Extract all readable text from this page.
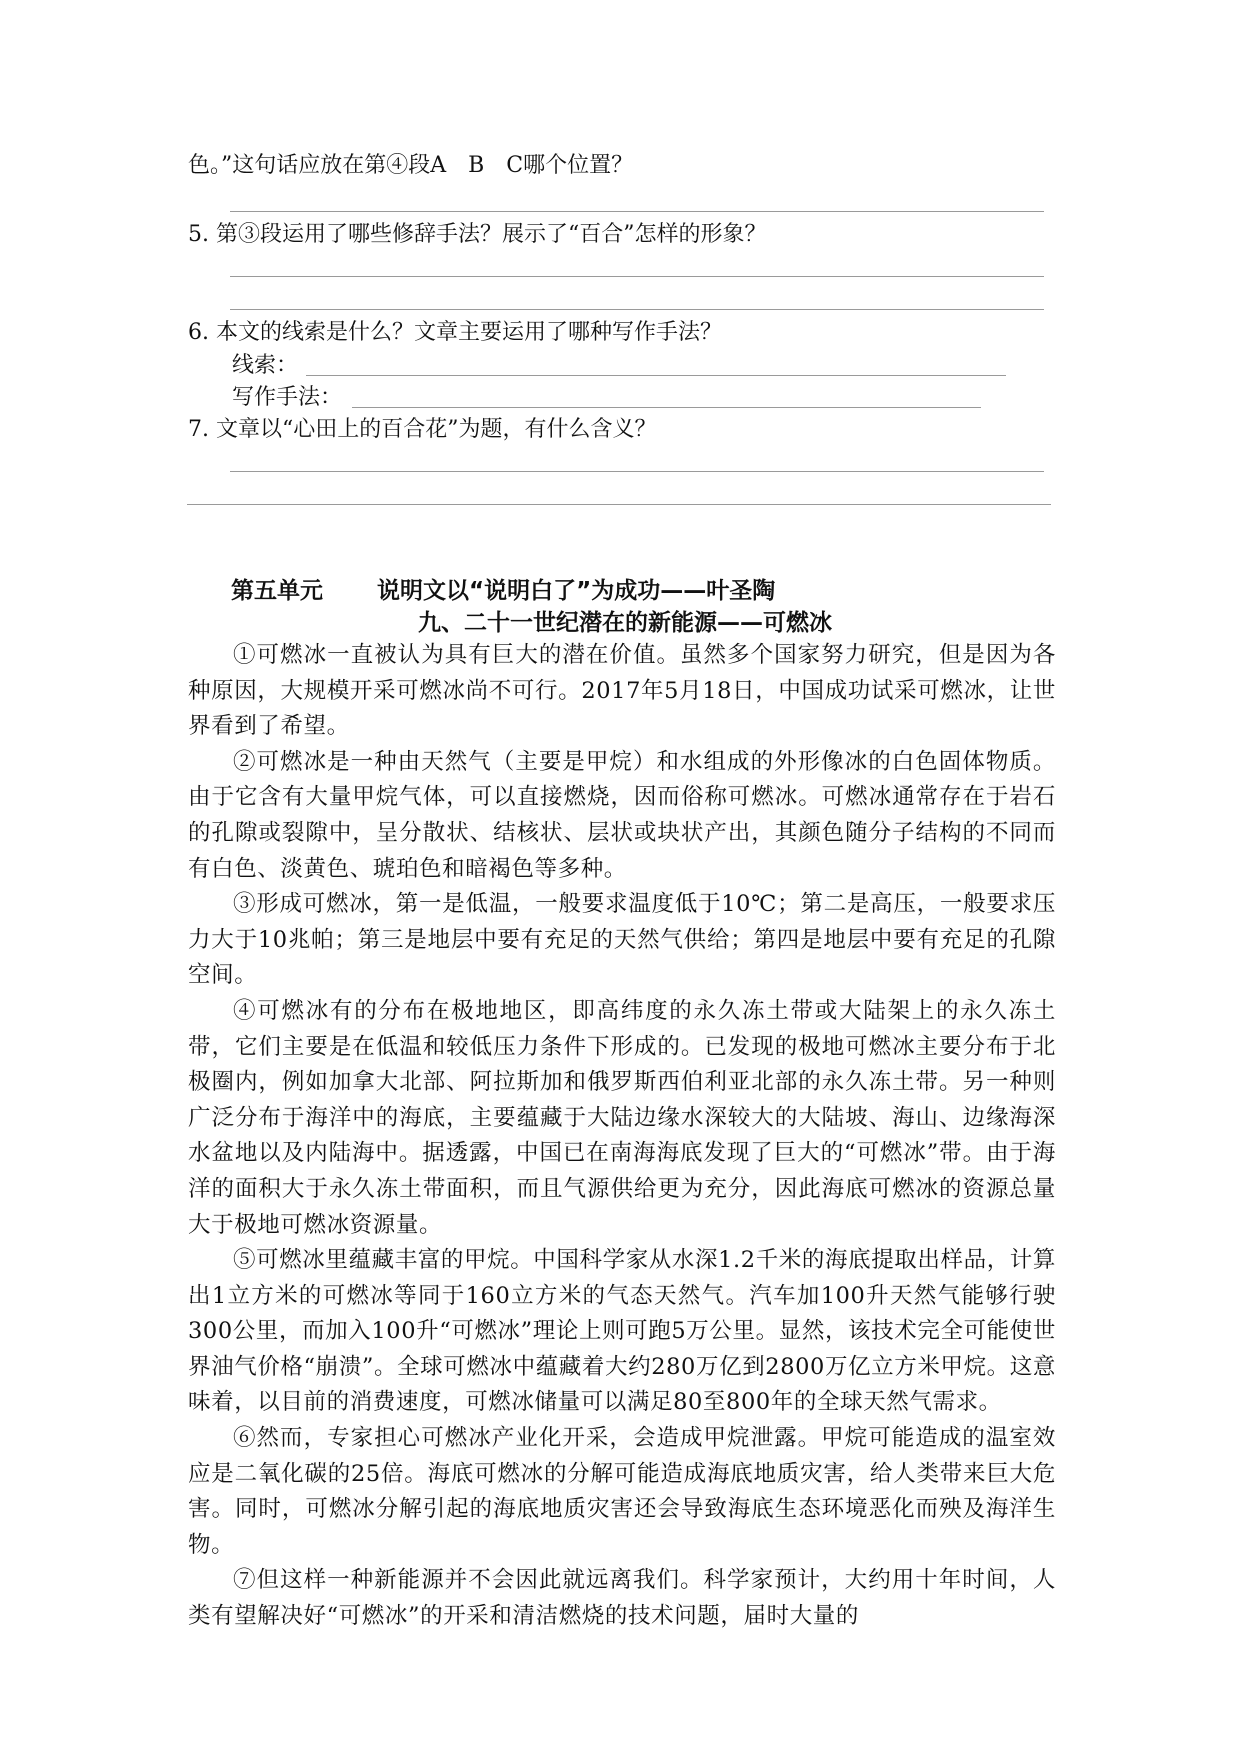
色。”这句话应放在第④段A　B　C哪个位置？
5. 第③段运用了哪些修辞手法？展示了“百合”怎样的形象？
6. 本文的线索是什么？文章主要运用了哪种写作手法？
线索：
写作手法：
7. 文章以“心田上的百合花”为题，有什么含义？
第五单元 说明文以“说明白了”为成功——叶圣陶
九、二十一世纪潜在的新能源——可燃冰

①可燃冰一直被认为具有巨大的潜在价值。虽然多个国家努力研究，但是因为各种原因，大规模开采可燃冰尚不可行。2017年5月18日，中国成功试采可燃冰，让世界看到了希望。

②可燃冰是一种由天然气（主要是甲烷）和水组成的外形像冰的白色固体物质。由于它含有大量甲烷气体，可以直接燃烧，因而俗称可燃冰。可燃冰通常存在于岩石的孔隙或裂隙中，呈分散状、结核状、层状或块状产出，其颜色随分子结构的不同而有白色、淡黄色、琥珀色和暗褐色等多种。

③形成可燃冰，第一是低温，一般要求温度低于10℃；第二是高压，一般要求压力大于10兆帕；第三是地层中要有充足的天然气供给；第四是地层中要有充足的孔隙空间。

④可燃冰有的分布在极地地区，即高纬度的永久冻土带或大陆架上的永久冻土带，它们主要是在低温和较低压力条件下形成的。已发现的极地可燃冰主要分布于北极圈内，例如加拿大北部、阿拉斯加和俄罗斯西伯利亚北部的永久冻土带。另一种则广泛分布于海洋中的海底，主要蕴藏于大陆边缘水深较大的大陆坡、海山、边缘海深水盆地以及内陆海中。据透露，中国已在南海海底发现了巨大的“可燃冰”带。由于海洋的面积大于永久冻土带面积，而且气源供给更为充分，因此海底可燃冰的资源总量大于极地可燃冰资源量。

⑤可燃冰里蕴藏丰富的甲烷。中国科学家从水深1.2千米的海底提取出样品，计算出1立方米的可燃冰等同于160立方米的气态天然气。汽车加100升天然气能够行驶300公里，而加入100升“可燃冰”理论上则可跑5万公里。显然，该技术完全可能使世界油气价格“崩溃”。全球可燃冰中蕴藏着大约280万亿到2800万亿立方米甲烷。这意味着，以目前的消费速度，可燃冰储量可以满足80至800年的全球天然气需求。

⑥然而，专家担心可燃冰产业化开采，会造成甲烷泄露。甲烷可能造成的温室效应是二氧化碳的25倍。海底可燃冰的分解可能造成海底地质灾害，给人类带来巨大危害。同时，可燃冰分解引起的海底地质灾害还会导致海底生态环境恶化而殃及海洋生物。

⑦但这样一种新能源并不会因此就远离我们。科学家预计，大约用十年时间，人类有望解决好“可燃冰”的开采和清洁燃烧的技术问题，届时大量的
